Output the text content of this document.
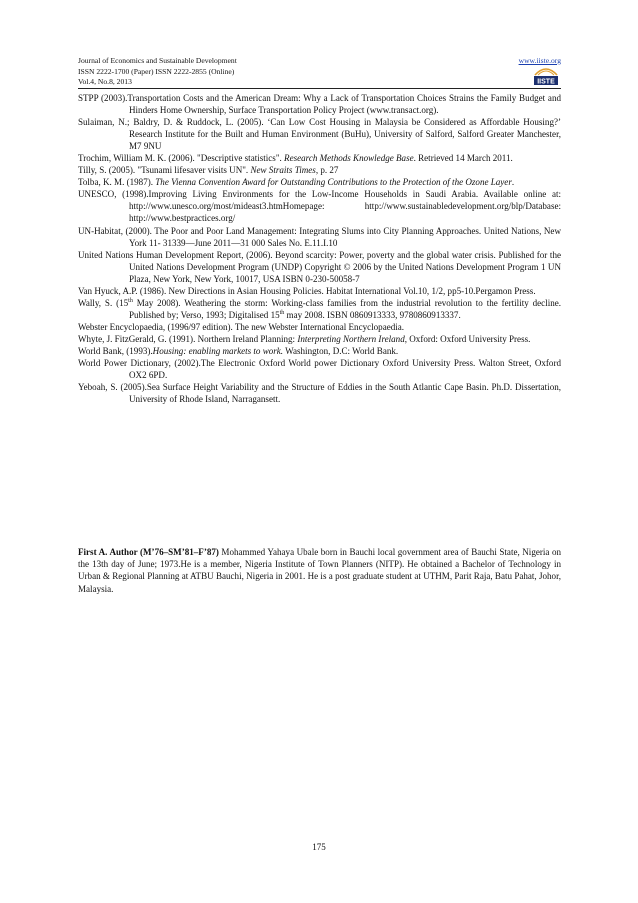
Journal of Economics and Sustainable Development
ISSN 2222-1700 (Paper) ISSN 2222-2855 (Online)
Vol.4, No.8, 2013
www.iiste.org
IISTE

STPP (2003).Transportation Costs and the American Dream: Why a Lack of Transportation Choices Strains the Family Budget and Hinders Home Ownership, Surface Transportation Policy Project (www.transact.org).

Sulaiman, N.; Baldry, D. & Ruddock, L. (2005). ‘Can Low Cost Housing in Malaysia be Considered as Affordable Housing?’ Research Institute for the Built and Human Environment (BuHu), University of Salford, Salford Greater Manchester, M7 9NU

Trochim, William M. K. (2006). "Descriptive statistics". Research Methods Knowledge Base. Retrieved 14 March 2011.

Tilly, S. (2005). "Tsunami lifesaver visits UN". New Straits Times, p. 27

Tolba, K. M. (1987). The Vienna Convention Award for Outstanding Contributions to the Protection of the Ozone Layer.

UNESCO, (1998).Improving Living Environments for the Low-Income Households in Saudi Arabia. Available online at: http://www.unesco.org/most/mideast3.htmHomepage: http://www.sustainabledevelopment.org/blp/Database: http://www.bestpractices.org/

UN-Habitat, (2000). The Poor and Poor Land Management: Integrating Slums into City Planning Approaches. United Nations, New York 11- 31339—June 2011—31 000 Sales No. E.11.I.10

United Nations Human Development Report, (2006). Beyond scarcity: Power, poverty and the global water crisis. Published for the United Nations Development Program (UNDP) Copyright © 2006 by the United Nations Development Program 1 UN Plaza, New York, New York, 10017, USA ISBN 0-230-50058-7

Van Hyuck, A.P. (1986). New Directions in Asian Housing Policies. Habitat International Vol.10, 1/2, pp5-10.Pergamon Press.

Wally, S. (15th May 2008). Weathering the storm: Working-class families from the industrial revolution to the fertility decline. Published by; Verso, 1993; Digitalised 15th may 2008. ISBN 0860913333, 9780860913337.

Webster Encyclopaedia, (1996/97 edition). The new Webster International Encyclopaedia.

Whyte, J. FitzGerald, G. (1991). Northern Ireland Planning: Interpreting Northern Ireland, Oxford: Oxford University Press.

World Bank, (1993).Housing: enabling markets to work. Washington, D.C: World Bank.

World Power Dictionary, (2002).The Electronic Oxford World power Dictionary Oxford University Press. Walton Street, Oxford OX2 6PD.

Yeboah, S. (2005).Sea Surface Height Variability and the Structure of Eddies in the South Atlantic Cape Basin. Ph.D. Dissertation, University of Rhode Island, Narragansett.

First A. Author (M’76–SM’81–F’87) Mohammed Yahaya Ubale born in Bauchi local government area of Bauchi State, Nigeria on the 13th day of June; 1973.He is a member, Nigeria Institute of Town Planners (NITP). He obtained a Bachelor of Technology in Urban & Regional Planning at ATBU Bauchi, Nigeria in 2001. He is a post graduate student at UTHM, Parit Raja, Batu Pahat, Johor, Malaysia.

175
